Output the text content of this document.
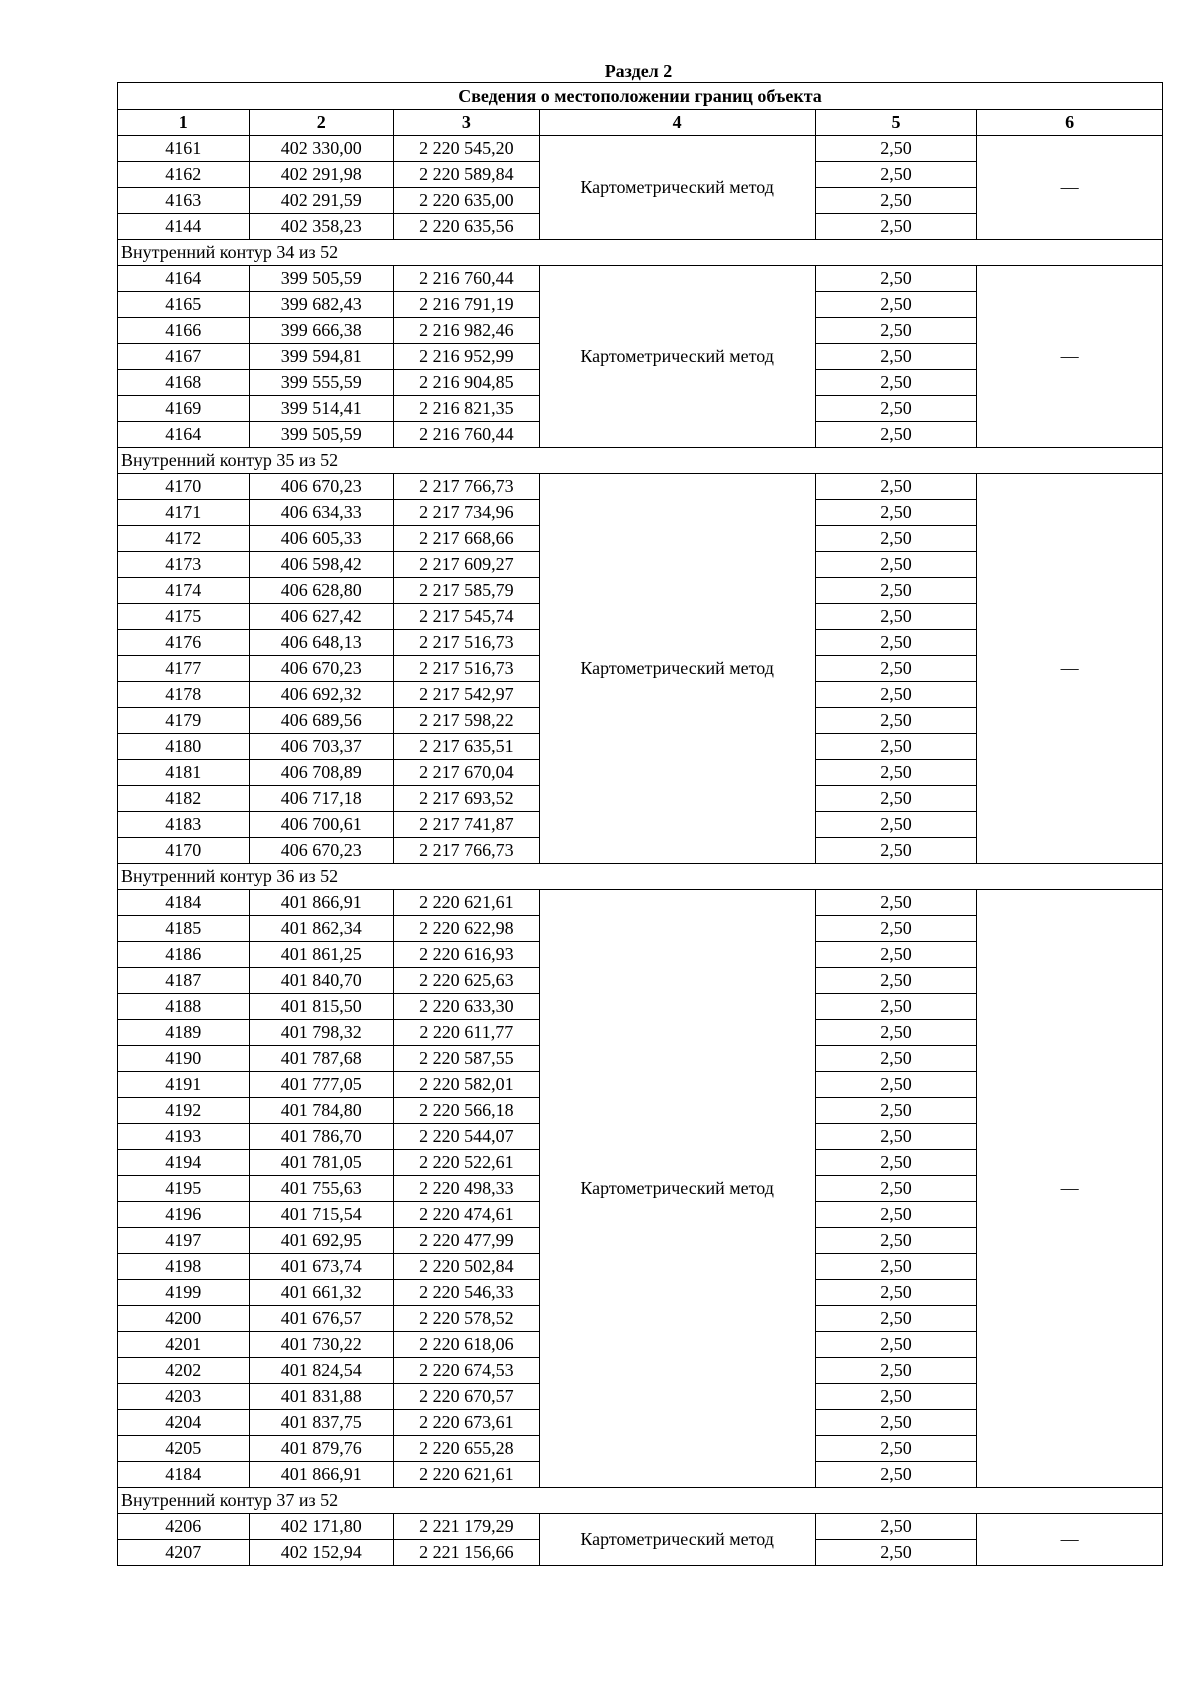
Раздел 2
Сведения о местоположении границ объекта					
1	2	3	4	5	6
4161	402 330,00	2 220 545,20	Картометрический метод	2,50	—
4162	402 291,98	2 220 589,84		2,50	
4163	402 291,59	2 220 635,00		2,50	
4144	402 358,23	2 220 635,56		2,50	
Внутренний контур 34 из 52					
4164	399 505,59	2 216 760,44	Картометрический метод	2,50	—
4165	399 682,43	2 216 791,19		2,50	
4166	399 666,38	2 216 982,46		2,50	
4167	399 594,81	2 216 952,99		2,50	
4168	399 555,59	2 216 904,85		2,50	
4169	399 514,41	2 216 821,35		2,50	
4164	399 505,59	2 216 760,44		2,50	
Внутренний контур 35 из 52					
4170	406 670,23	2 217 766,73	Картометрический метод	2,50	—
4171	406 634,33	2 217 734,96		2,50	
4172	406 605,33	2 217 668,66		2,50	
4173	406 598,42	2 217 609,27		2,50	
4174	406 628,80	2 217 585,79		2,50	
4175	406 627,42	2 217 545,74		2,50	
4176	406 648,13	2 217 516,73		2,50	
4177	406 670,23	2 217 516,73		2,50	
4178	406 692,32	2 217 542,97		2,50	
4179	406 689,56	2 217 598,22		2,50	
4180	406 703,37	2 217 635,51		2,50	
4181	406 708,89	2 217 670,04		2,50	
4182	406 717,18	2 217 693,52		2,50	
4183	406 700,61	2 217 741,87		2,50	
4170	406 670,23	2 217 766,73		2,50	
Внутренний контур 36 из 52					
4184	401 866,91	2 220 621,61	Картометрический метод	2,50	—
4185	401 862,34	2 220 622,98		2,50	
4186	401 861,25	2 220 616,93		2,50	
4187	401 840,70	2 220 625,63		2,50	
4188	401 815,50	2 220 633,30		2,50	
4189	401 798,32	2 220 611,77		2,50	
4190	401 787,68	2 220 587,55		2,50	
4191	401 777,05	2 220 582,01		2,50	
4192	401 784,80	2 220 566,18		2,50	
4193	401 786,70	2 220 544,07		2,50	
4194	401 781,05	2 220 522,61		2,50	
4195	401 755,63	2 220 498,33		2,50	
4196	401 715,54	2 220 474,61		2,50	
4197	401 692,95	2 220 477,99		2,50	
4198	401 673,74	2 220 502,84		2,50	
4199	401 661,32	2 220 546,33		2,50	
4200	401 676,57	2 220 578,52		2,50	
4201	401 730,22	2 220 618,06		2,50	
4202	401 824,54	2 220 674,53		2,50	
4203	401 831,88	2 220 670,57		2,50	
4204	401 837,75	2 220 673,61		2,50	
4205	401 879,76	2 220 655,28		2,50	
4184	401 866,91	2 220 621,61		2,50	
Внутренний контур 37 из 52					
4206	402 171,80	2 221 179,29	Картометрический метод	2,50	—
4207	402 152,94	2 221 156,66		2,50	
